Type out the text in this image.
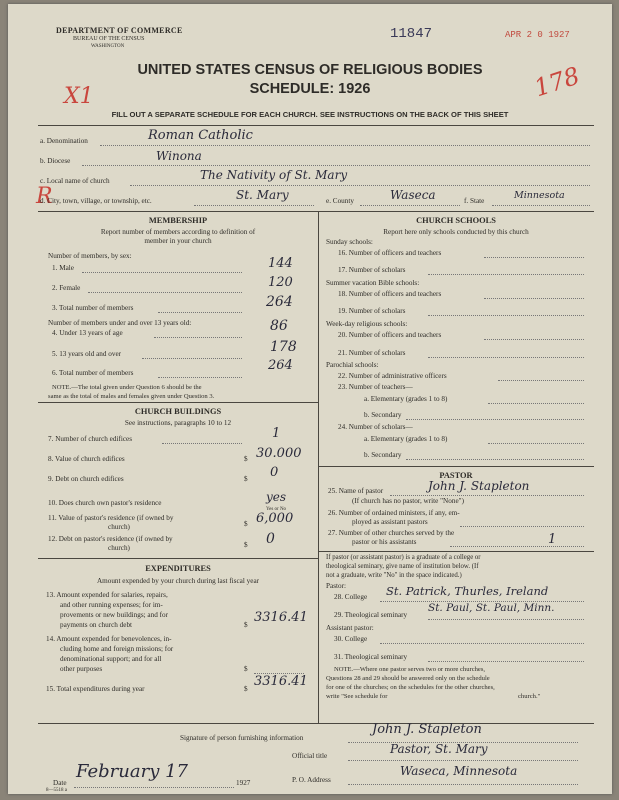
DEPARTMENT OF COMMERCE
BUREAU OF THE CENSUS
WASHINGTON
11847	APR 2 0 1927
UNITED STATES CENSUS OF RELIGIOUS BODIES
SCHEDULE: 1926
X1	178
FILL OUT A SEPARATE SCHEDULE FOR EACH CHURCH. SEE INSTRUCTIONS ON THE BACK OF THIS SHEET
a. Denomination	Roman Catholic
b. Diocese	Winona
c. Local name of church	The Nativity of St. Mary
R
d. City, town, village, or township, etc.	St. Mary	e. County	Waseca	f. State	Minnesota
MEMBERSHIP
Report number of members according to definition of
member in your church
Number of members, by sex:
1. Male	144
2. Female	120
3. Total number of members	264
Number of members under and over 13 years old:
4. Under 13 years of age	86
5. 13 years old and over	178
6. Total number of members	264
NOTE.—The total given under Question 6 should be the
same as the total of males and females given under Question 3.
CHURCH BUILDINGS
See instructions, paragraphs 10 to 12
7. Number of church edifices	1
8. Value of church edifices	$ 30.000
9. Debt on church edifices	$ 0
10. Does church own pastor's residence	yes
Yes or No
11. Value of pastor's residence (if owned by
church)	$ 6,000
12. Debt on pastor's residence (if owned by
church)	$ 0
EXPENDITURES
Amount expended by your church during last fiscal year
13. Amount expended for salaries, repairs,
and other running expenses; for im-
provements or new buildings; and for
payments on church debt	$ 3316.41
14. Amount expended for benevolences, in-
cluding home and foreign missions; for
denominational support; and for all
other purposes	$
15. Total expenditures during year	$ 3316.41
CHURCH SCHOOLS
Report here only schools conducted by this church
Sunday schools:
16. Number of officers and teachers
17. Number of scholars
Summer vacation Bible schools:
18. Number of officers and teachers
19. Number of scholars
Week-day religious schools:
20. Number of officers and teachers
21. Number of scholars
Parochial schools:
22. Number of administrative officers
23. Number of teachers—
a. Elementary (grades 1 to 8)
b. Secondary
24. Number of scholars—
a. Elementary (grades 1 to 8)
b. Secondary
PASTOR
25. Name of pastor	John J. Stapleton
(If church has no pastor, write "None")
26. Number of ordained ministers, if any, em-
ployed as assistant pastors
27. Number of other churches served by the
pastor or his assistants	1
If pastor (or assistant pastor) is a graduate of a college or
theological seminary, give name of institution below. (If
not a graduate, write "No" in the space indicated.)
Pastor:
28. College St. Patrick, Thurles, Ireland
29. Theological seminary
St. Paul, St. Paul, Minn.
Assistant pastor:
30. College
31. Theological seminary
NOTE.—Where one pastor serves two or more churches,
Questions 28 and 29 should be answered only on the schedule
for one of the churches; on the schedules for the other churches,
write "See schedule for	church."
Signature of person furnishing information
John J. Stapleton
Official title	Pastor, St. Mary
Date
February 17
1927
8—5518 a
P. O. Address
Waseca, Minnesota
